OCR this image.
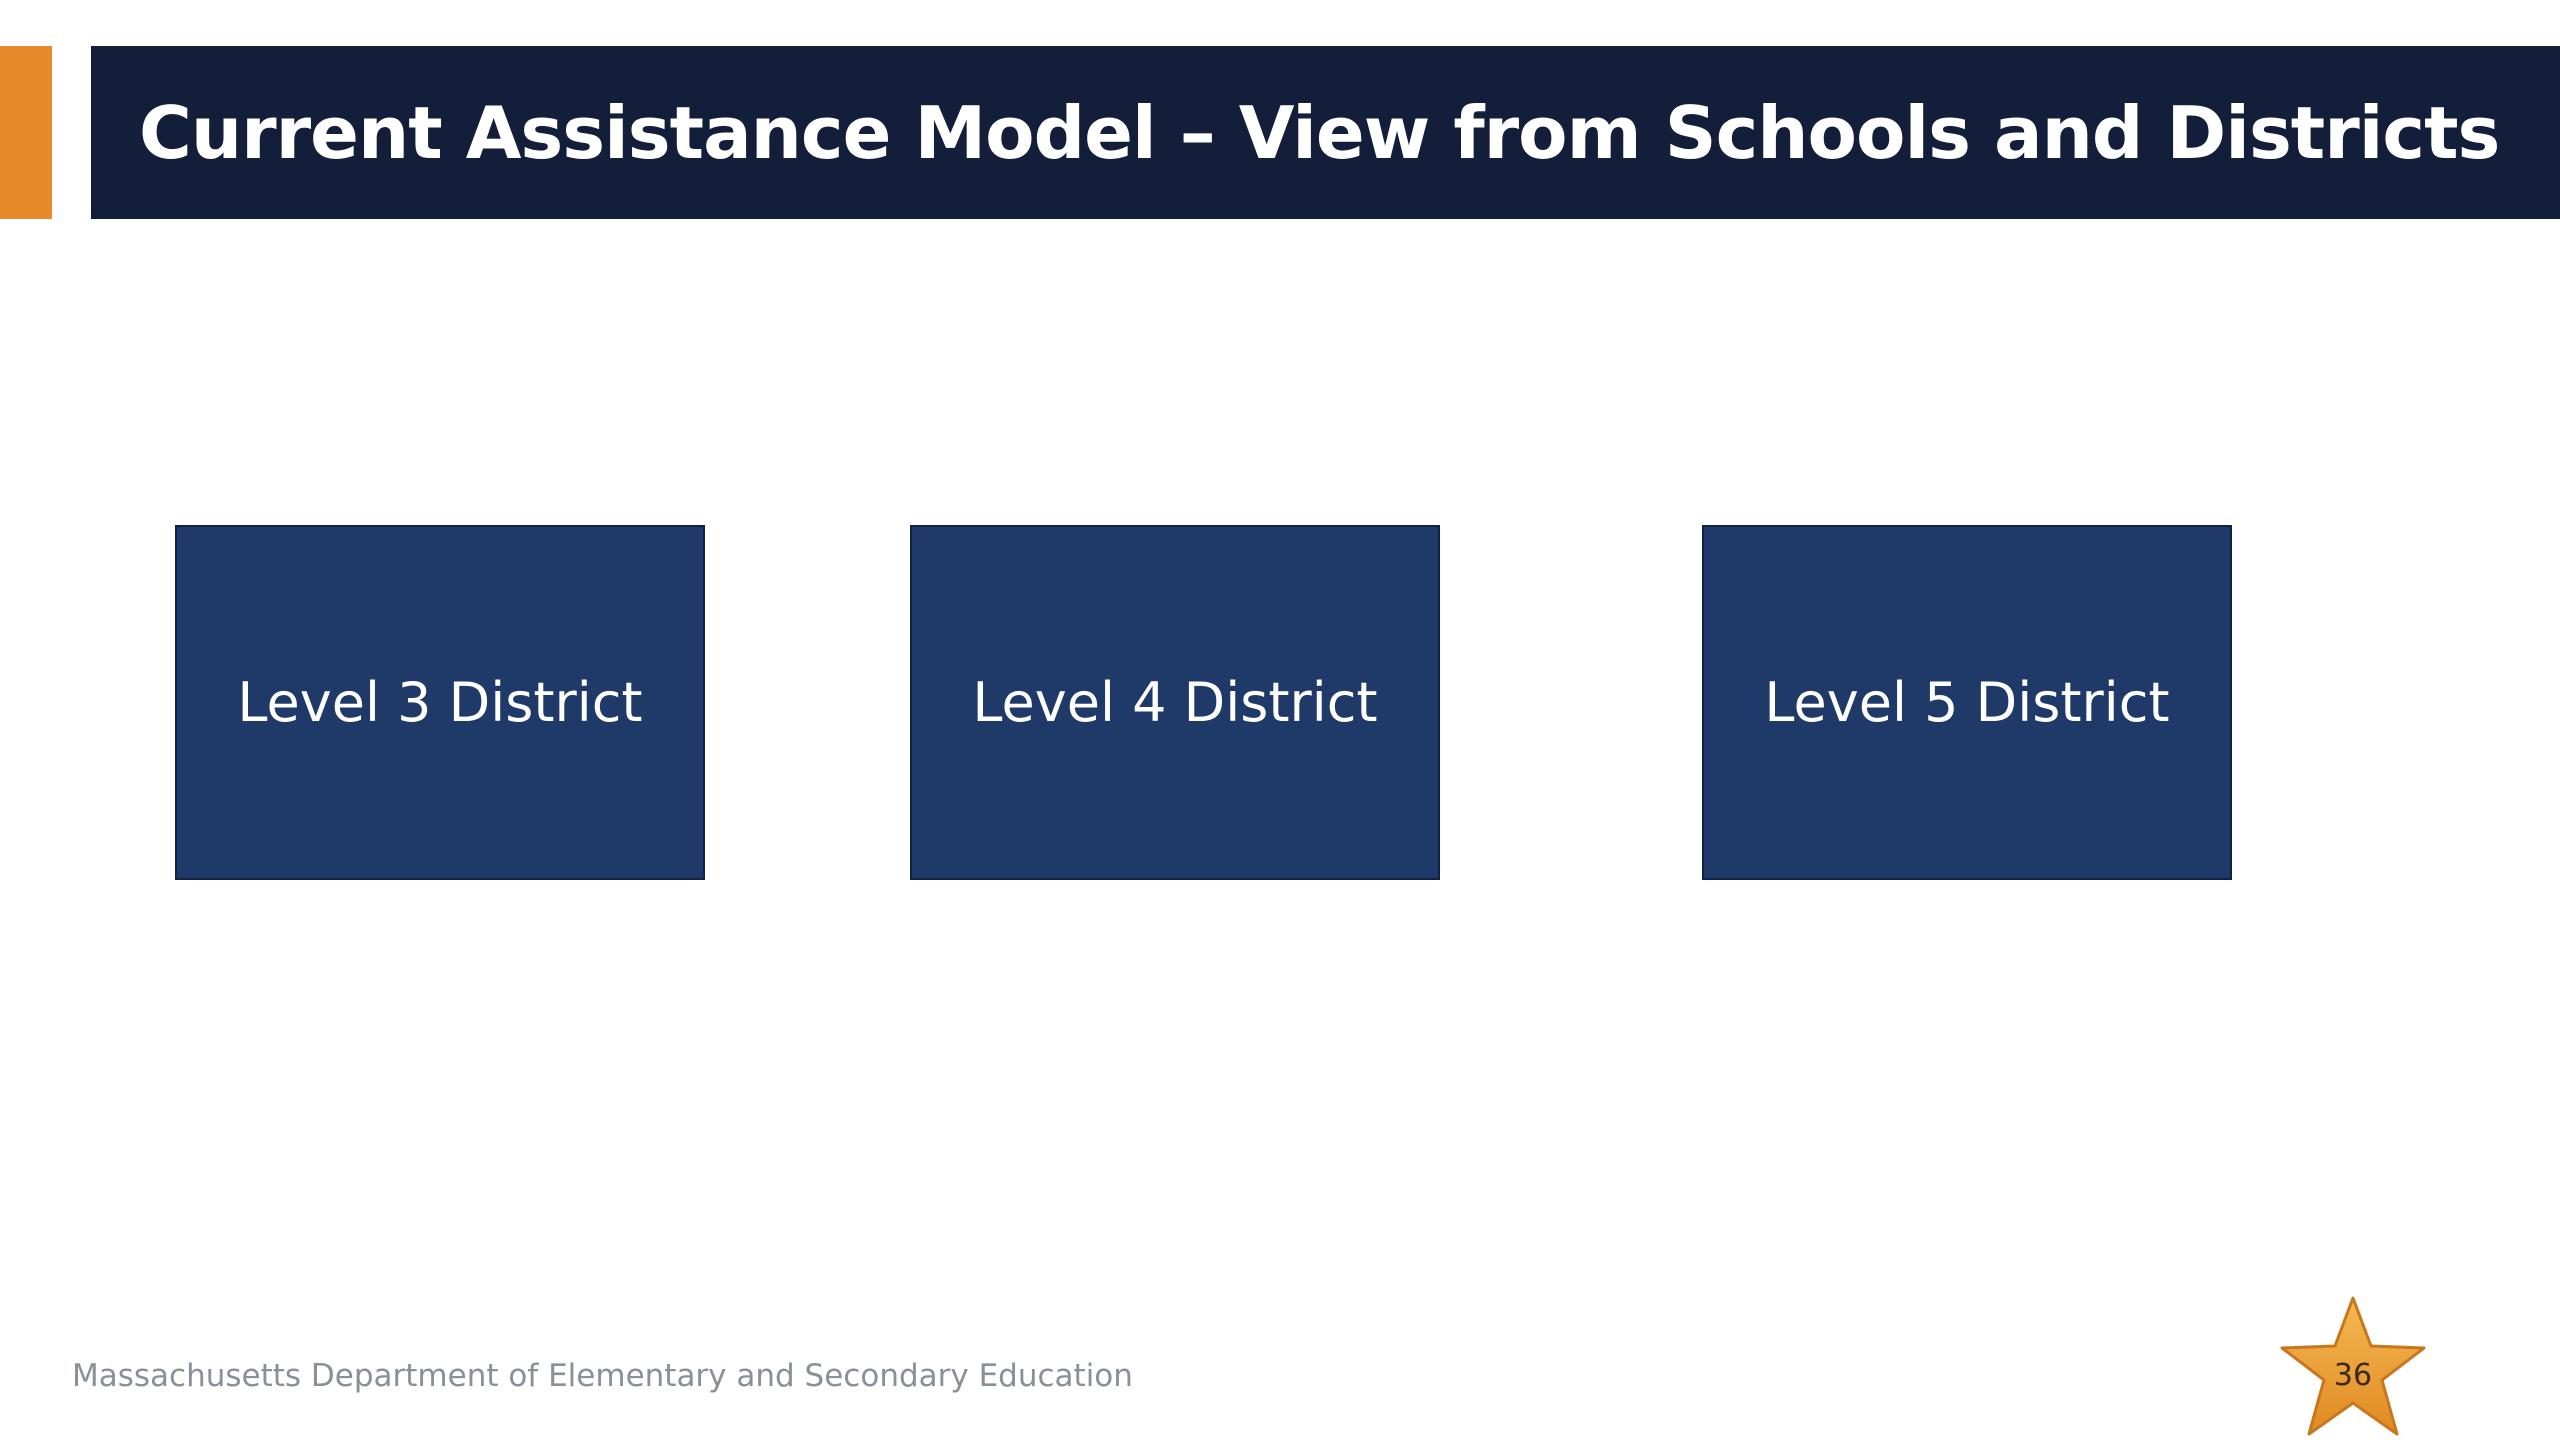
Current Assistance Model – View from Schools and Districts
Level 3 District	Level 4 District	Level 5 District
Massachusetts Department of Elementary and Secondary Education	36
